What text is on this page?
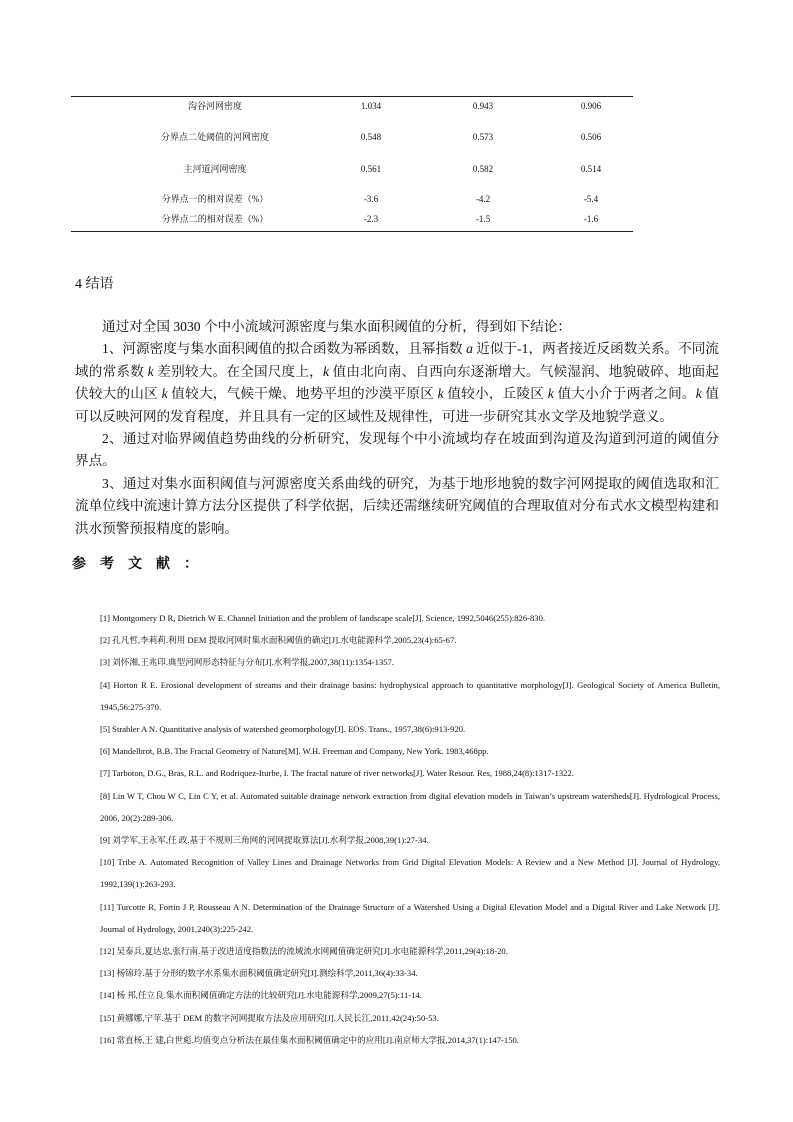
沟谷河网密度	1.034	0.943	0.906
分界点二处阈值的河网密度	0.548	0.573	0.506
主河道河网密度	0.561	0.582	0.514
分界点一的相对误差（%）	-3.6	-4.2	-5.4
分界点二的相对误差（%）	-2.3	-1.5	-1.6
4 结语

通过对全国 3030 个中小流域河源密度与集水面积阈值的分析，得到如下结论：

1、河源密度与集水面积阈值的拟合函数为幂函数，且幂指数 a 近似于-1，两者接近反函数关系。不同流域的常系数 k 差别较大。在全国尺度上，k 值由北向南、自西向东逐渐增大。气候湿润、地貌破碎、地面起伏较大的山区 k 值较大，气候干燥、地势平坦的沙漠平原区 k 值较小，丘陵区 k 值大小介于两者之间。k 值可以反映河网的发育程度，并且具有一定的区域性及规律性，可进一步研究其水文学及地貌学意义。

2、通过对临界阈值趋势曲线的分析研究，发现每个中小流域均存在坡面到沟道及沟道到河道的阈值分界点。

3、通过对集水面积阈值与河源密度关系曲线的研究，为基于地形地貌的数字河网提取的阈值选取和汇流单位线中流速计算方法分区提供了科学依据，后续还需继续研究阈值的合理取值对分布式水文模型构建和洪水预警预报精度的影响。

参考文献：

[1] Montgomery D R, Dietrich W E. Channel Initiation and the problem of landscape scale[J]. Science, 1992,5046(255):826-830.

[2] 孔凡哲,李莉莉.利用 DEM 提取河网时集水面积阈值的确定[J].水电能源科学,2005,23(4):65-67.

[3] 刘怀湘,王兆印.典型河网形态特征与分布[J].水利学报,2007,38(11):1354-1357.

[4] Horton R E. Erosional development of streams and their drainage basins: hydrophysical approach to quantitative morphology[J]. Geological Society of America Bulletin, 1945,56:275-370.

[5] Strahler A N. Quantitative analysis of watershed geomorphology[J]. EOS. Trans., 1957,38(6):913-920.

[6] Mandelbrot, B.B. The Fractal Geometry of Nature[M]. W.H. Freeman and Company, New York. 1983,468pp.

[7] Tarboton, D.G., Bras, R.L. and Rodriquez-Iturbe, I. The fractal nature of river networks[J]. Water Resour. Res, 1988,24(8):1317-1322.

[8] Lin W T, Chou W C, Lin C Y, et al. Automated suitable drainage network extraction from digital elevation models in Taiwan’s upstream watersheds[J]. Hydrological Process, 2006, 20(2):289-306.

[9] 刘学军,王永军,任 政.基于不规则三角网的河网提取算法[J].水利学报,2008,39(1):27-34.

[10] Tribe A. Automated Recognition of Valley Lines and Drainage Networks from Grid Digital Elevation Models: A Review and a New Method [J]. Journal of Hydrology, 1992,139(1):263-293.

[11] Turcotte R, Fortin J P, Rousseau A N. Determination of the Drainage Structure of a Watershed Using a Digital Elevation Model and a Digital River and Lake Network [J]. Journal of Hydrology, 2001,240(3):225-242.

[12] 吴泰兵,夏达忠,张行南.基于改进适度指数法的流域流水网阈值确定研究[J].水电能源科学,2011,29(4):18-20.

[13] 杨锦玲.基于分形的数字水系集水面积阈值确定研究[J].测绘科学,2011,36(4):33-34.

[14] 杨 邦,任立良.集水面积阈值确定方法的比较研究[J].水电能源科学,2009,27(5):11-14.

[15] 黄娜娜,宁苹.基于 DEM 的数字河网提取方法及应用研究[J].人民长江,2011,42(24):50-53.

[16] 常直杨,王 建,白世彪.均值变点分析法在最佳集水面积阈值确定中的应用[J].南京师大学报,2014,37(1):147-150.
